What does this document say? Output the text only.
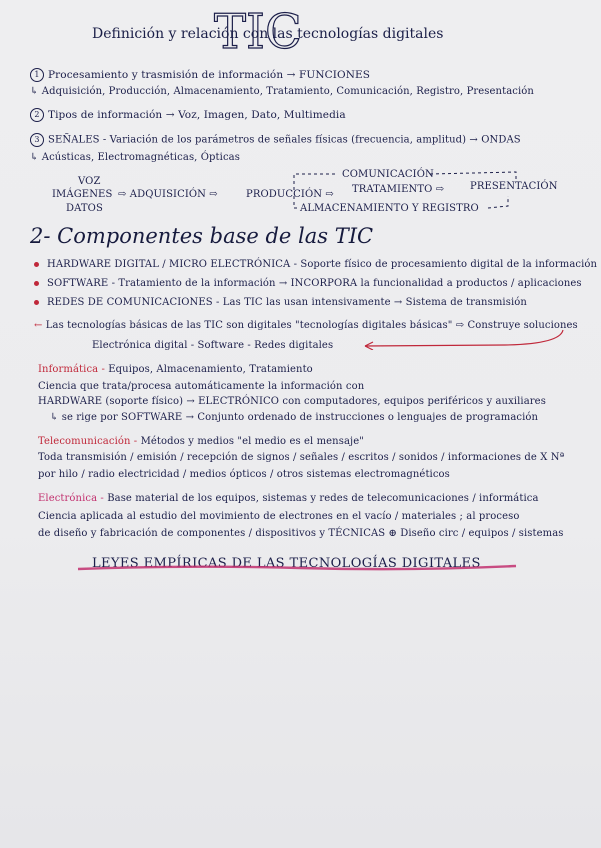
TIC
Definición y relación con las tecnologías digitales
1 Procesamiento y trasmisión de información → FUNCIONES
↳ Adquisición, Producción, Almacenamiento, Tratamiento, Comunicación, Registro, Presentación
2 Tipos de información → Voz, Imagen, Dato, Multimedia
3 SEÑALES - Variación de los parámetros de señales físicas (frecuencia, amplitud) → ONDAS
↳ Acústicas, Electromagnéticas, Ópticas
VOZ
IMÁGENES
DATOS
⇨ ADQUISICIÓN ⇨	PRODUCCIÓN ⇨ TRATAMIENTO ⇨	PRESENTACIÓN
COMUNICACIÓN
ALMACENAMIENTO Y REGISTRO
2- Componentes base de las TIC
HARDWARE DIGITAL / MICRO ELECTRÓNICA - Soporte físico de procesamiento digital de la información
SOFTWARE - Tratamiento de la información → INCORPORA la funcionalidad a productos / aplicaciones
REDES DE COMUNICACIONES - Las TIC las usan intensivamente → Sistema de transmisión
← Las tecnologías básicas de las TIC son digitales "tecnologías digitales básicas" ⇨ Construye soluciones
Electrónica digital - Software - Redes digitales
Informática - Equipos, Almacenamiento, Tratamiento
Ciencia que trata/procesa automáticamente la información con
HARDWARE (soporte físico) → ELECTRÓNICO con computadores, equipos periféricos y auxiliares
↳ se rige por SOFTWARE → Conjunto ordenado de instrucciones o lenguajes de programación
Telecomunicación - Métodos y medios "el medio es el mensaje"
Toda transmisión / emisión / recepción de signos / señales / escritos / sonidos / informaciones de X Nª
por hilo / radio electricidad / medios ópticos / otros sistemas electromagnéticos
Electrónica - Base material de los equipos, sistemas y redes de telecomunicaciones / informática
Ciencia aplicada al estudio del movimiento de electrones en el vacío / materiales ; al proceso
de diseño y fabricación de componentes / dispositivos y TÉCNICAS ⊕ Diseño circ / equipos / sistemas
LEYES EMPÍRICAS DE LAS TECNOLOGÍAS DIGITALES
